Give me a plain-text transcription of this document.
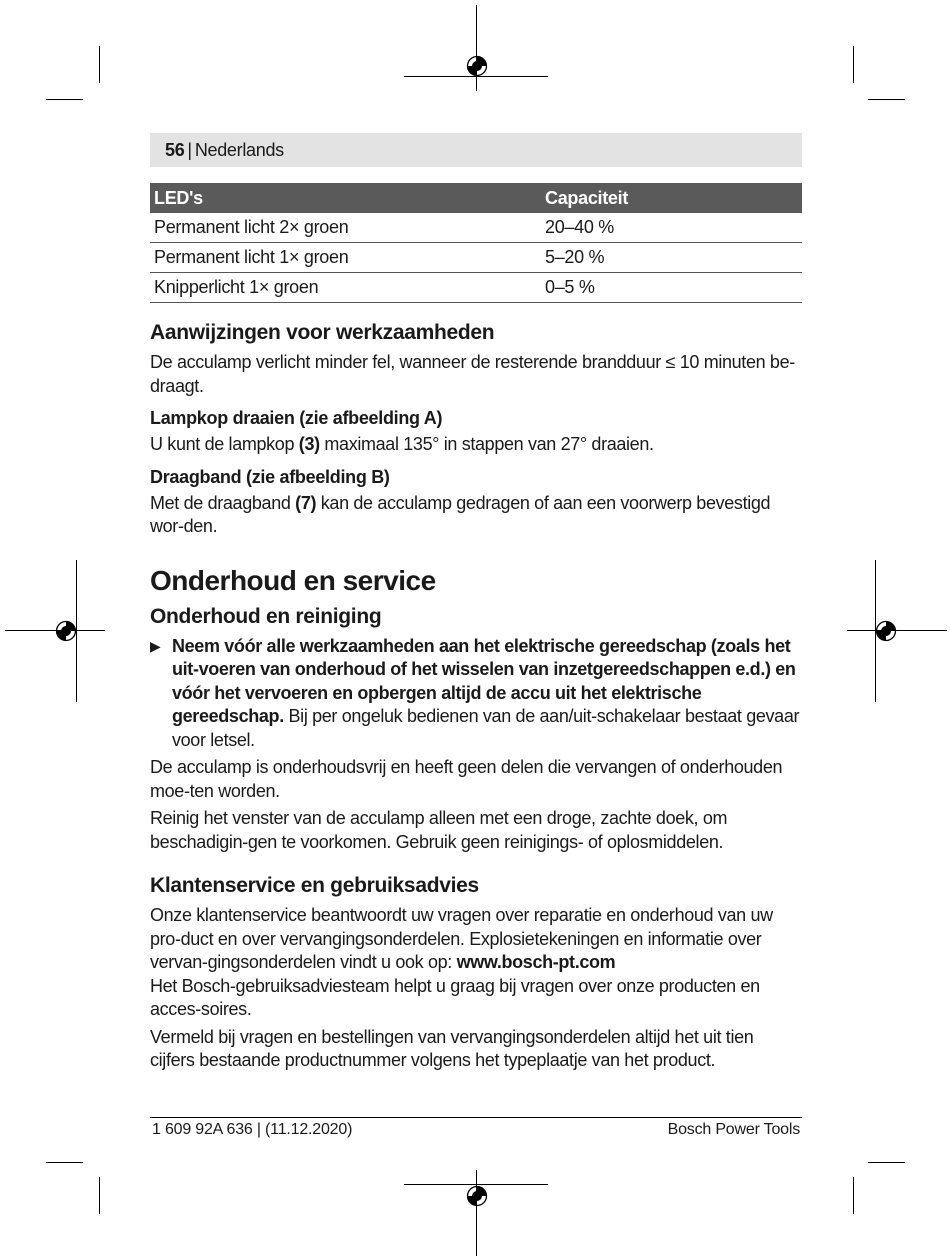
56 | Nederlands
LED's	Capaciteit
Permanent licht 2× groen	20–40 %
Permanent licht 1× groen	5–20 %
Knipperlicht 1× groen	0–5 %
Aanwijzingen voor werkzaamheden

De acculamp verlicht minder fel, wanneer de resterende brandduur ≤ 10 minuten be-draagt.

Lampkop draaien (zie afbeelding A)

U kunt de lampkop (3) maximaal 135° in stappen van 27° draaien.

Draagband (zie afbeelding B)

Met de draagband (7) kan de acculamp gedragen of aan een voorwerp bevestigd wor-den.

Onderhoud en service
Onderhoud en reiniging
▶ Neem vóór alle werkzaamheden aan het elektrische gereedschap (zoals het uit-voeren van onderhoud of het wisselen van inzetgereedschappen e.d.) en vóór het vervoeren en opbergen altijd de accu uit het elektrische gereedschap. Bij per ongeluk bedienen van de aan/uit-schakelaar bestaat gevaar voor letsel.

De acculamp is onderhoudsvrij en heeft geen delen die vervangen of onderhouden moe-ten worden.

Reinig het venster van de acculamp alleen met een droge, zachte doek, om beschadigin-gen te voorkomen. Gebruik geen reinigings- of oplosmiddelen.

Klantenservice en gebruiksadvies

Onze klantenservice beantwoordt uw vragen over reparatie en onderhoud van uw pro-duct en over vervangingsonderdelen. Explosietekeningen en informatie over vervan-gingsonderdelen vindt u ook op: www.bosch-pt.com

Het Bosch-gebruiksadviesteam helpt u graag bij vragen over onze producten en acces-soires.

Vermeld bij vragen en bestellingen van vervangingsonderdelen altijd het uit tien cijfers bestaande productnummer volgens het typeplaatje van het product.

1 609 92A 636 | (11.12.2020)	Bosch Power Tools
